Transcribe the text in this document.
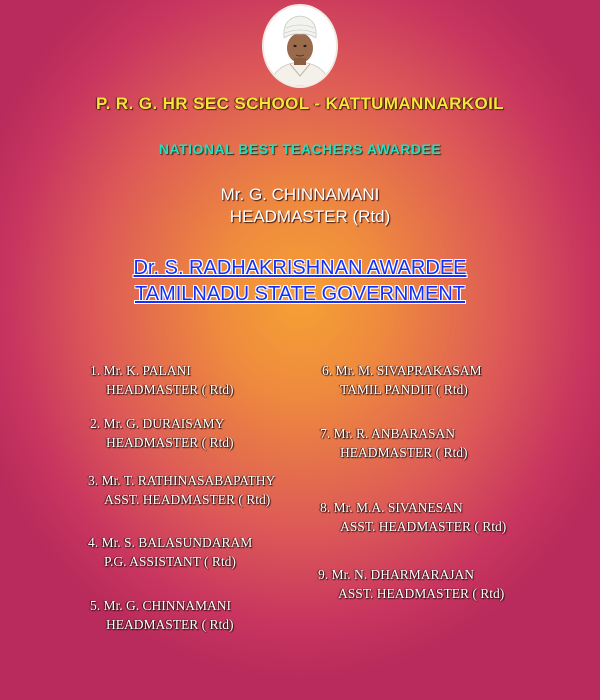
P. R. G. HR SEC SCHOOL - KATTUMANNARKOIL
NATIONAL BEST TEACHERS AWARDEE
Mr. G. CHINNAMANI
HEADMASTER (Rtd)
Dr. S. RADHAKRISHNAN AWARDEE
TAMILNADU STATE GOVERNMENT
1. Mr. K. PALANI
HEADMASTER ( Rtd)
2. Mr. G. DURAISAMY
HEADMASTER ( Rtd)
3. Mr. T. RATHINASABAPATHY
ASST. HEADMASTER ( Rtd)
4. Mr. S. BALASUNDARAM
P.G. ASSISTANT ( Rtd)
5. Mr. G. CHINNAMANI
HEADMASTER ( Rtd)
6. Mr. M. SIVAPRAKASAM
TAMIL PANDIT ( Rtd)
7. Mr. R. ANBARASAN
HEADMASTER ( Rtd)
8. Mr. M.A. SIVANESAN
ASST. HEADMASTER ( Rtd)
9. Mr. N. DHARMARAJAN
ASST. HEADMASTER ( Rtd)
